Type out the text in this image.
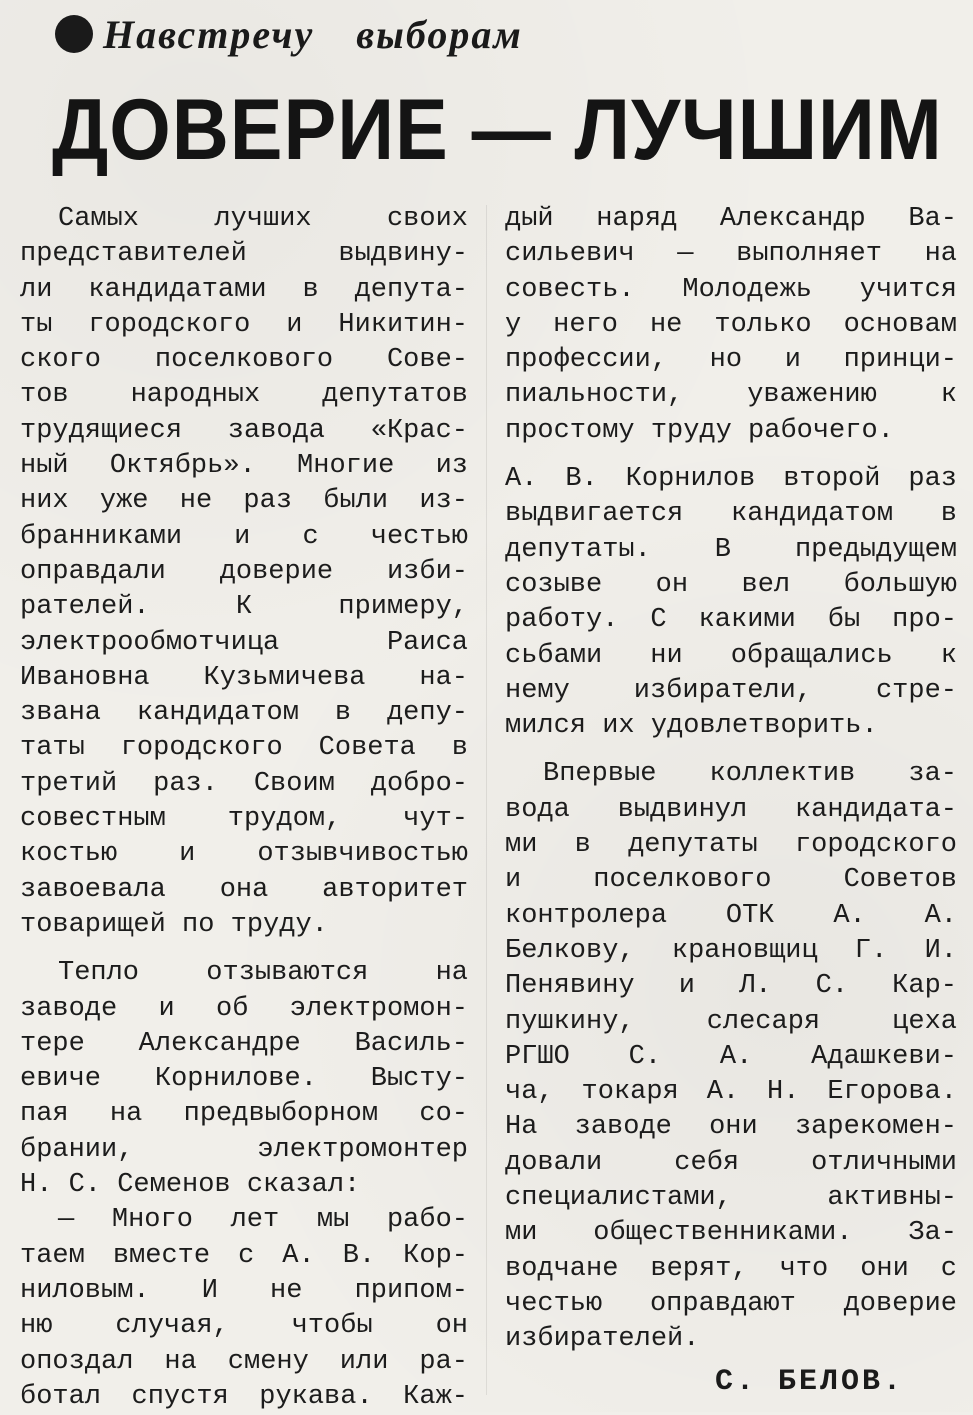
Навстречу выборам
ДОВЕРИЕ — ЛУЧШИМ
Самых лучших своих
представителей выдвину-
ли кандидатами в депута-
ты городского и Никитин-
ского поселкового Сове-
тов народных депутатов
трудящиеся завода «Крас-
ный Октябрь». Многие из
них уже не раз были из-
бранниками и с честью
оправдали доверие изби-
рателей. К примеру,
электрообмотчица Раиса
Ивановна Кузьмичева на-
звана кандидатом в депу-
таты городского Совета в
третий раз. Своим добро-
совестным трудом, чут-
костью и отзывчивостью
завоевала она авторитет
товарищей по труду.
Тепло отзываются на
заводе и об электромон-
тере Александре Василь-
евиче Корнилове. Высту-
пая на предвыборном со-
брании, электромонтер
Н. С. Семенов сказал:
— Много лет мы рабо-
таем вместе с А. В. Кор-
ниловым. И не припом-
ню случая, чтобы он
опоздал на смену или ра-
ботал спустя рукава. Каж-
дый наряд Александр Ва-
сильевич — выполняет на
совесть. Молодежь учится
у него не только основам
профессии, но и принци-
пиальности, уважению к
простому труду рабочего.
А. В. Корнилов второй раз
выдвигается кандидатом в
депутаты. В предыдущем
созыве он вел большую
работу. С какими бы про-
сьбами ни обращались к
нему избиратели, стре-
мился их удовлетворить.
Впервые коллектив за-
вода выдвинул кандидата-
ми в депутаты городского
и поселкового Советов
контролера ОТК А. А.
Белкову, крановщиц Г. И.
Пенявину и Л. С. Кар-
пушкину, слесаря цеха
РГШО С. А. Адашкеви-
ча, токаря А. Н. Егорова.
На заводе они зарекомен-
довали себя отличными
специалистами, активны-
ми общественниками. За-
водчане верят, что они с
честью оправдают доверие
избирателей.
С. БЕЛОВ.
